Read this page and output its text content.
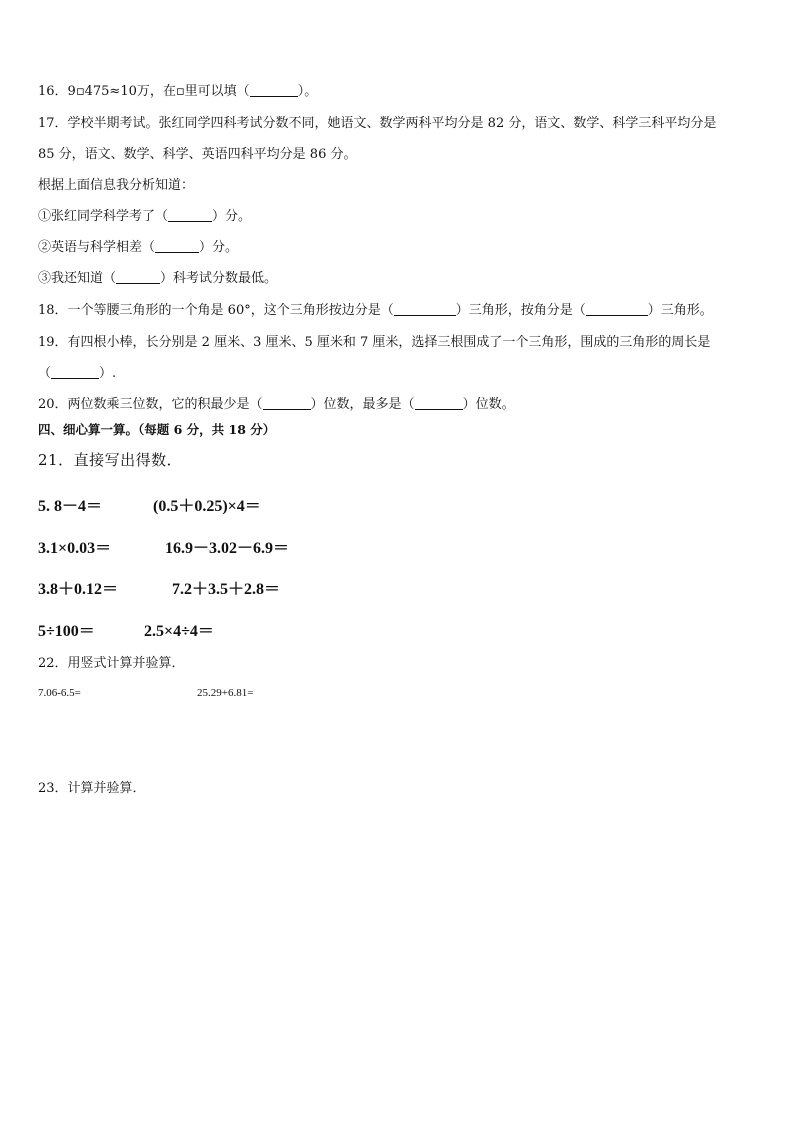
16．9▫475≈10万，在▫里可以填（	）。
17．学校半期考试。张红同学四科考试分数不同，她语文、数学两科平均分是 82 分，语文、数学、科学三科平均分是
85 分，语文、数学、科学、英语四科平均分是 86 分。
根据上面信息我分析知道：
①张红同学科学考了（	）分。
②英语与科学相差（	）分。
③我还知道（	）科考试分数最低。
18．一个等腰三角形的一个角是 60°，这个三角形按边分是（	）三角形，按角分是（	）三角形。
19．有四根小棒，长分别是 2 厘米、3 厘米、5 厘米和 7 厘米，选择三根围成了一个三角形，围成的三角形的周长是
（	）.
20．两位数乘三位数，它的积最少是（	）位数，最多是（	）位数。
四、细心算一算。（每题 6 分，共 18 分）
21．直接写出得数．
5. 8－4＝	(0.5＋0.25)×4＝
3.1×0.03＝	16.9－3.02－6.9＝
3.8＋0.12＝	7.2＋3.5＋2.8＝
5÷100＝	2.5×4÷4＝
22．用竖式计算并验算．
7.06-6.5=	25.29+6.81=
23．计算并验算．
